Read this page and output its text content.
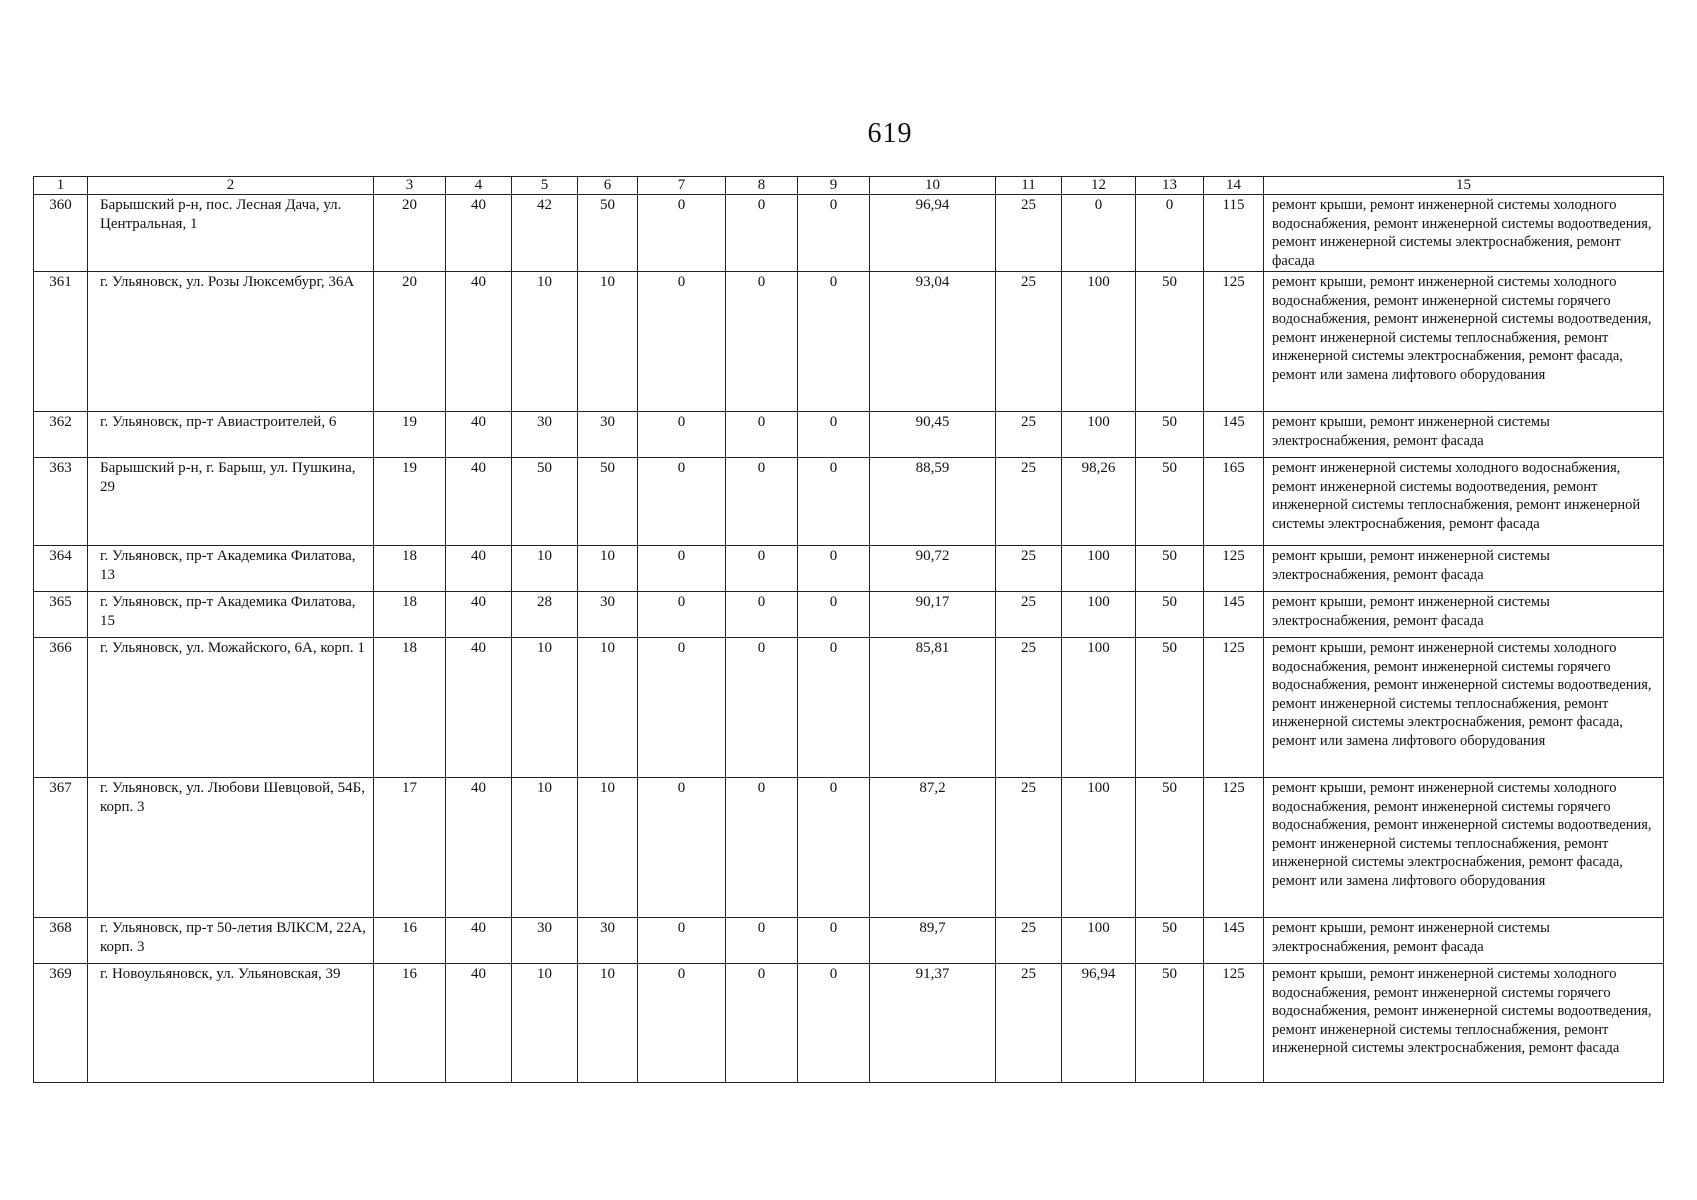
619
1	2	3	4	5	6	7	8	9	10	11	12	13	14	15
360	Барышский р-н, пос. Лесная Дача, ул. Центральная, 1	20	40	42	50	0	0	0	96,94	25	0	0	115	ремонт крыши, ремонт инженерной системы холодного водоснабжения, ремонт инженерной системы водоотведения, ремонт инженерной системы электроснабжения, ремонт фасада
361	г. Ульяновск, ул. Розы Люксембург, 36А	20	40	10	10	0	0	0	93,04	25	100	50	125	ремонт крыши, ремонт инженерной системы холодного водоснабжения, ремонт инженерной системы горячего водоснабжения, ремонт инженерной системы водоотведения, ремонт инженерной системы теплоснабжения, ремонт инженерной системы электроснабжения, ремонт фасада, ремонт или замена лифтового оборудования
362	г. Ульяновск, пр-т Авиастроителей, 6	19	40	30	30	0	0	0	90,45	25	100	50	145	ремонт крыши, ремонт инженерной системы электроснабжения, ремонт фасада
363	Барышский р-н, г. Барыш, ул. Пушкина, 29	19	40	50	50	0	0	0	88,59	25	98,26	50	165	ремонт инженерной системы холодного водоснабжения, ремонт инженерной системы водоотведения, ремонт инженерной системы теплоснабжения, ремонт инженерной системы электроснабжения, ремонт фасада
364	г. Ульяновск, пр-т Академика Филатова, 13	18	40	10	10	0	0	0	90,72	25	100	50	125	ремонт крыши, ремонт инженерной системы электроснабжения, ремонт фасада
365	г. Ульяновск, пр-т Академика Филатова, 15	18	40	28	30	0	0	0	90,17	25	100	50	145	ремонт крыши, ремонт инженерной системы электроснабжения, ремонт фасада
366	г. Ульяновск, ул. Можайского, 6А, корп. 1	18	40	10	10	0	0	0	85,81	25	100	50	125	ремонт крыши, ремонт инженерной системы холодного водоснабжения, ремонт инженерной системы горячего водоснабжения, ремонт инженерной системы водоотведения, ремонт инженерной системы теплоснабжения, ремонт инженерной системы электроснабжения, ремонт фасада, ремонт или замена лифтового оборудования
367	г. Ульяновск, ул. Любови Шевцовой, 54Б, корп. 3	17	40	10	10	0	0	0	87,2	25	100	50	125	ремонт крыши, ремонт инженерной системы холодного водоснабжения, ремонт инженерной системы горячего водоснабжения, ремонт инженерной системы водоотведения, ремонт инженерной системы теплоснабжения, ремонт инженерной системы электроснабжения, ремонт фасада, ремонт или замена лифтового оборудования
368	г. Ульяновск, пр-т 50-летия ВЛКСМ, 22А, корп. 3	16	40	30	30	0	0	0	89,7	25	100	50	145	ремонт крыши, ремонт инженерной системы электроснабжения, ремонт фасада
369	г. Новоульяновск, ул. Ульяновская, 39	16	40	10	10	0	0	0	91,37	25	96,94	50	125	ремонт крыши, ремонт инженерной системы холодного водоснабжения, ремонт инженерной системы горячего водоснабжения, ремонт инженерной системы водоотведения, ремонт инженерной системы теплоснабжения, ремонт инженерной системы электроснабжения, ремонт фасада
